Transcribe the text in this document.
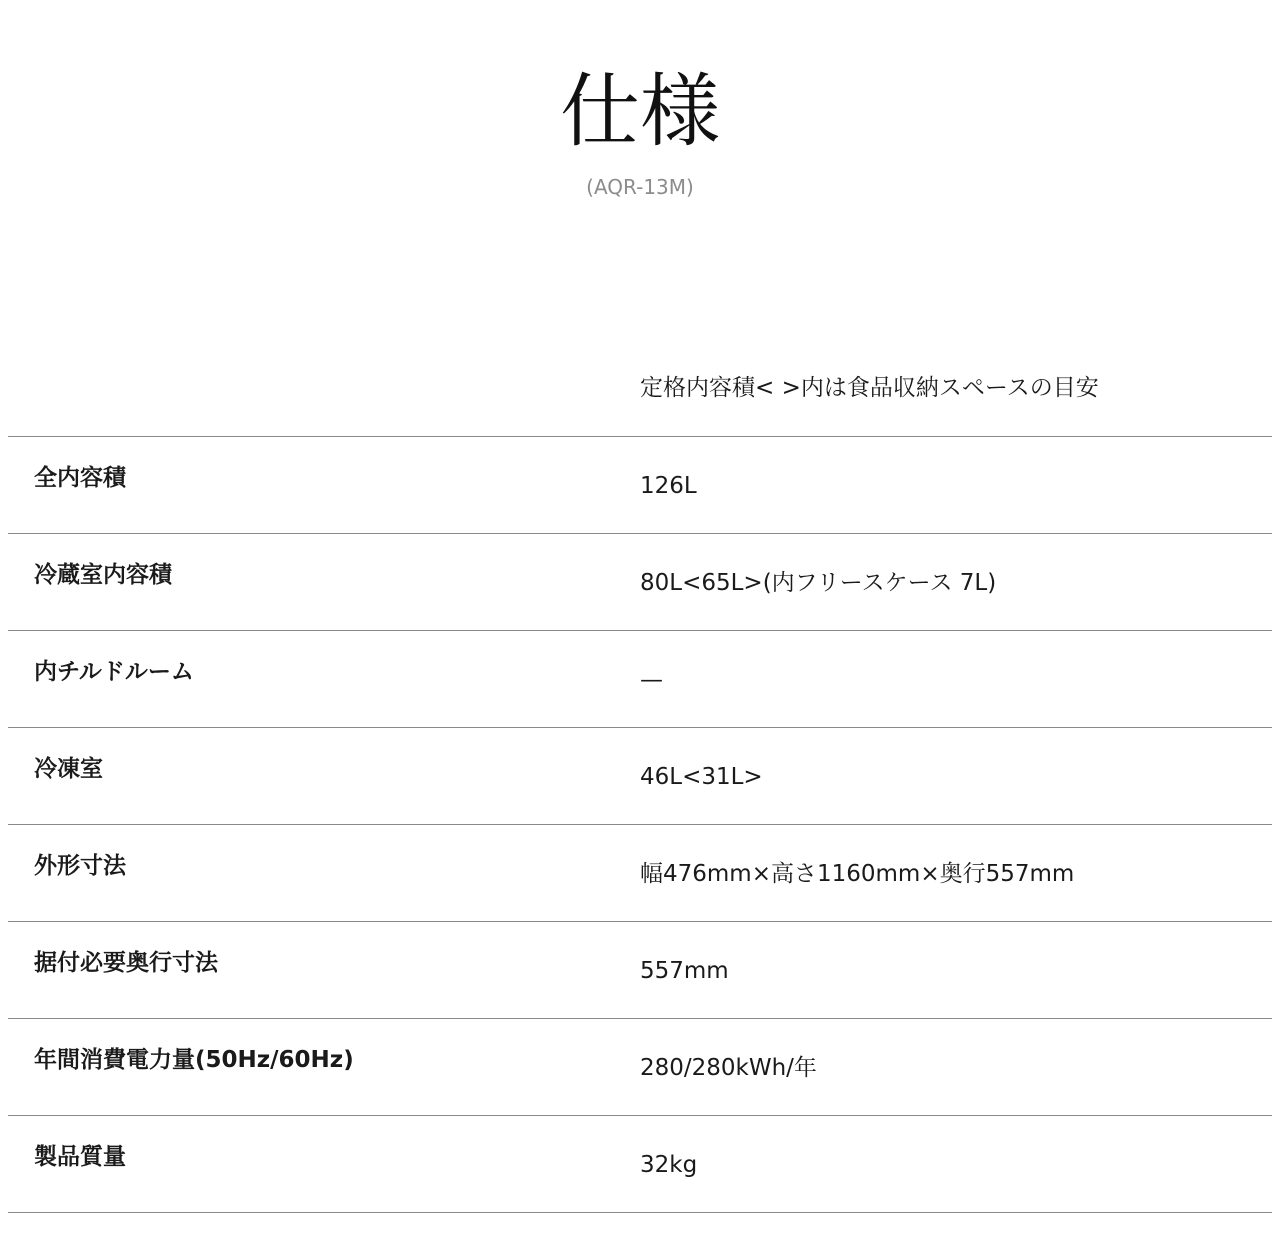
仕様
(AQR-13M)
定格内容積< >内は食品収納スペースの目安
全内容積	126L
冷蔵室内容積	80L<65L>(内フリースケース 7L)
内チルドルーム	—
冷凍室	46L<31L>
外形寸法	幅476mm×高さ1160mm×奥行557mm
据付必要奥行寸法	557mm
年間消費電力量(50Hz/60Hz)	280/280kWh/年
製品質量	32kg
